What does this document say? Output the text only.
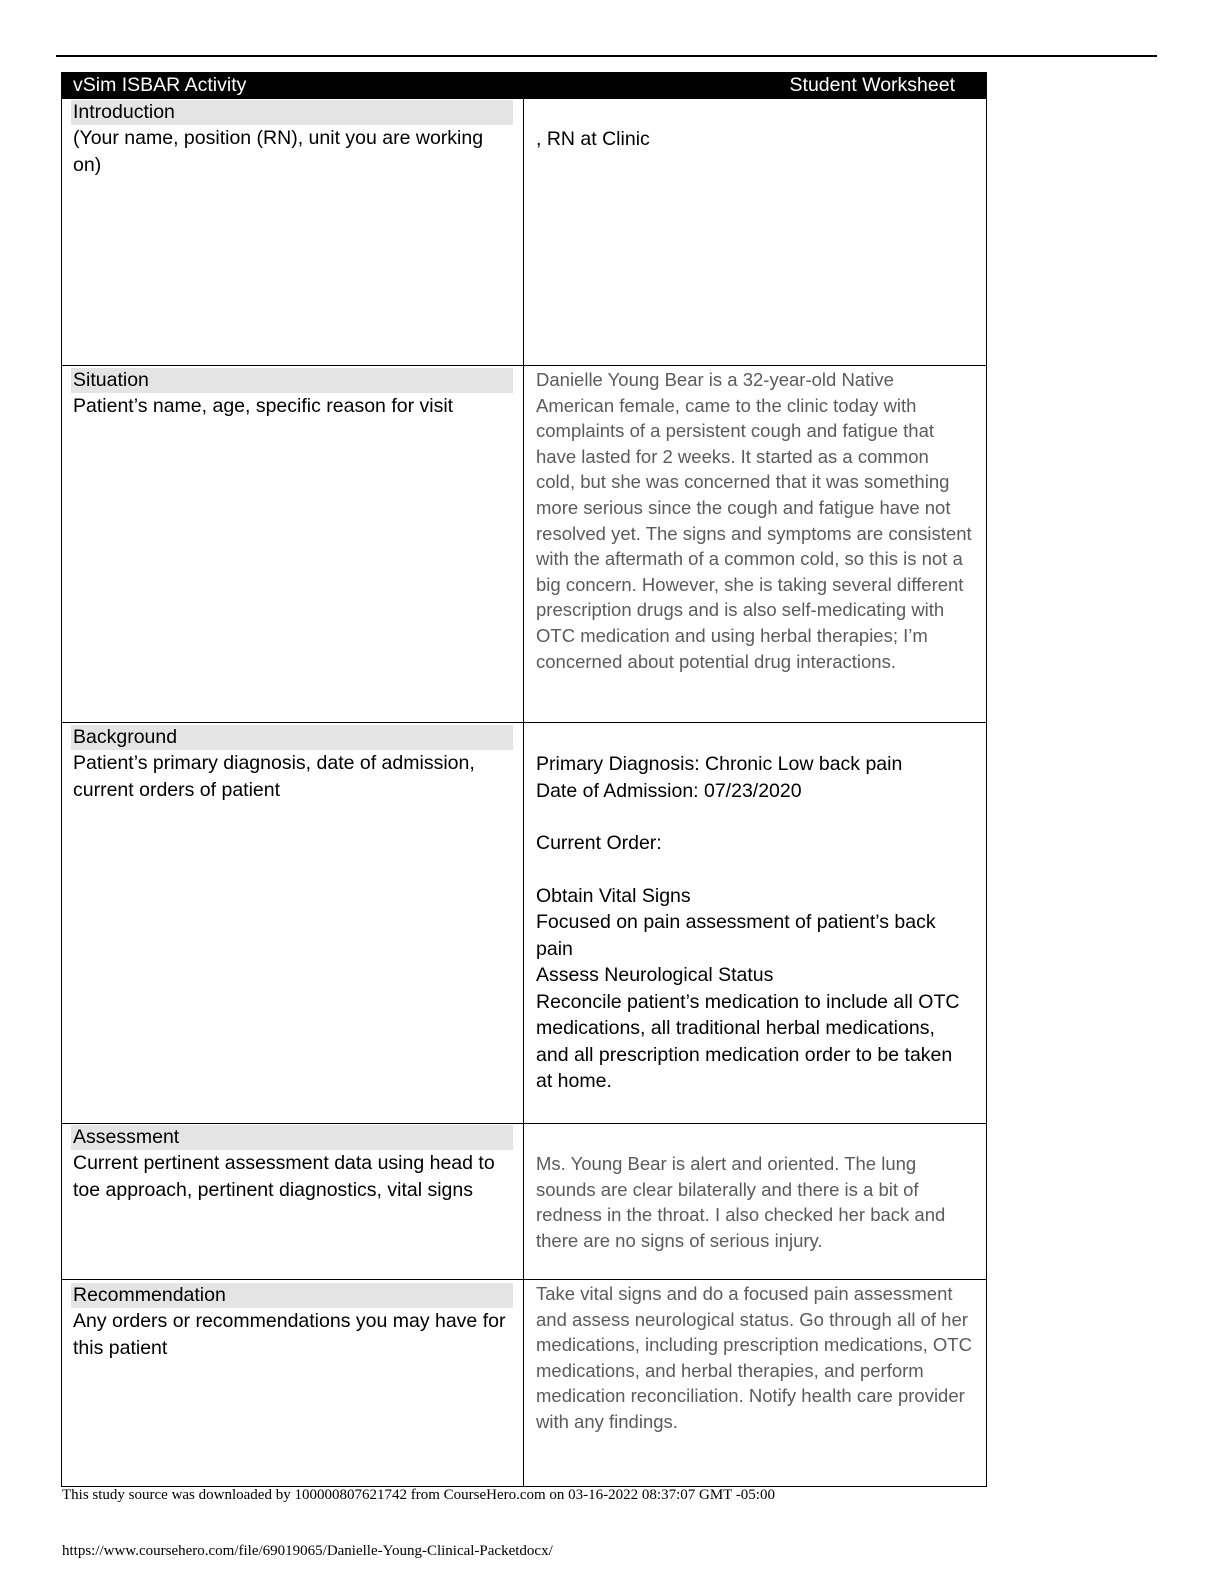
vSim ISBAR Activity	Student Worksheet
Introduction
(Your name, position (RN), unit you are working on)
, RN at Clinic
Situation
Patient’s name, age, specific reason for visit
Danielle Young Bear is a 32-year-old Native American female, came to the clinic today with complaints of a persistent cough and fatigue that have lasted for 2 weeks. It started as a common cold, but she was concerned that it was something more serious since the cough and fatigue have not resolved yet. The signs and symptoms are consistent with the aftermath of a common cold, so this is not a big concern. However, she is taking several different prescription drugs and is also self-medicating with OTC medication and using herbal therapies; I’m concerned about potential drug interactions.
Background
Patient’s primary diagnosis, date of admission, current orders of patient
Primary Diagnosis: Chronic Low back pain
Date of Admission: 07/23/2020
Current Order:
Obtain Vital Signs
Focused on pain assessment of patient’s back pain
Assess Neurological Status
Reconcile patient’s medication to include all OTC medications, all traditional herbal medications, and all prescription medication order to be taken at home.
Assessment
Current pertinent assessment data using head to toe approach, pertinent diagnostics, vital signs
Ms. Young Bear is alert and oriented. The lung sounds are clear bilaterally and there is a bit of redness in the throat. I also checked her back and there are no signs of serious injury.
Recommendation
Any orders or recommendations you may have for this patient
Take vital signs and do a focused pain assessment and assess neurological status. Go through all of her medications, including prescription medications, OTC medications, and herbal therapies, and perform medication reconciliation. Notify health care provider with any findings.
This study source was downloaded by 100000807621742 from CourseHero.com on 03-16-2022 08:37:07 GMT -05:00
https://www.coursehero.com/file/69019065/Danielle-Young-Clinical-Packetdocx/
